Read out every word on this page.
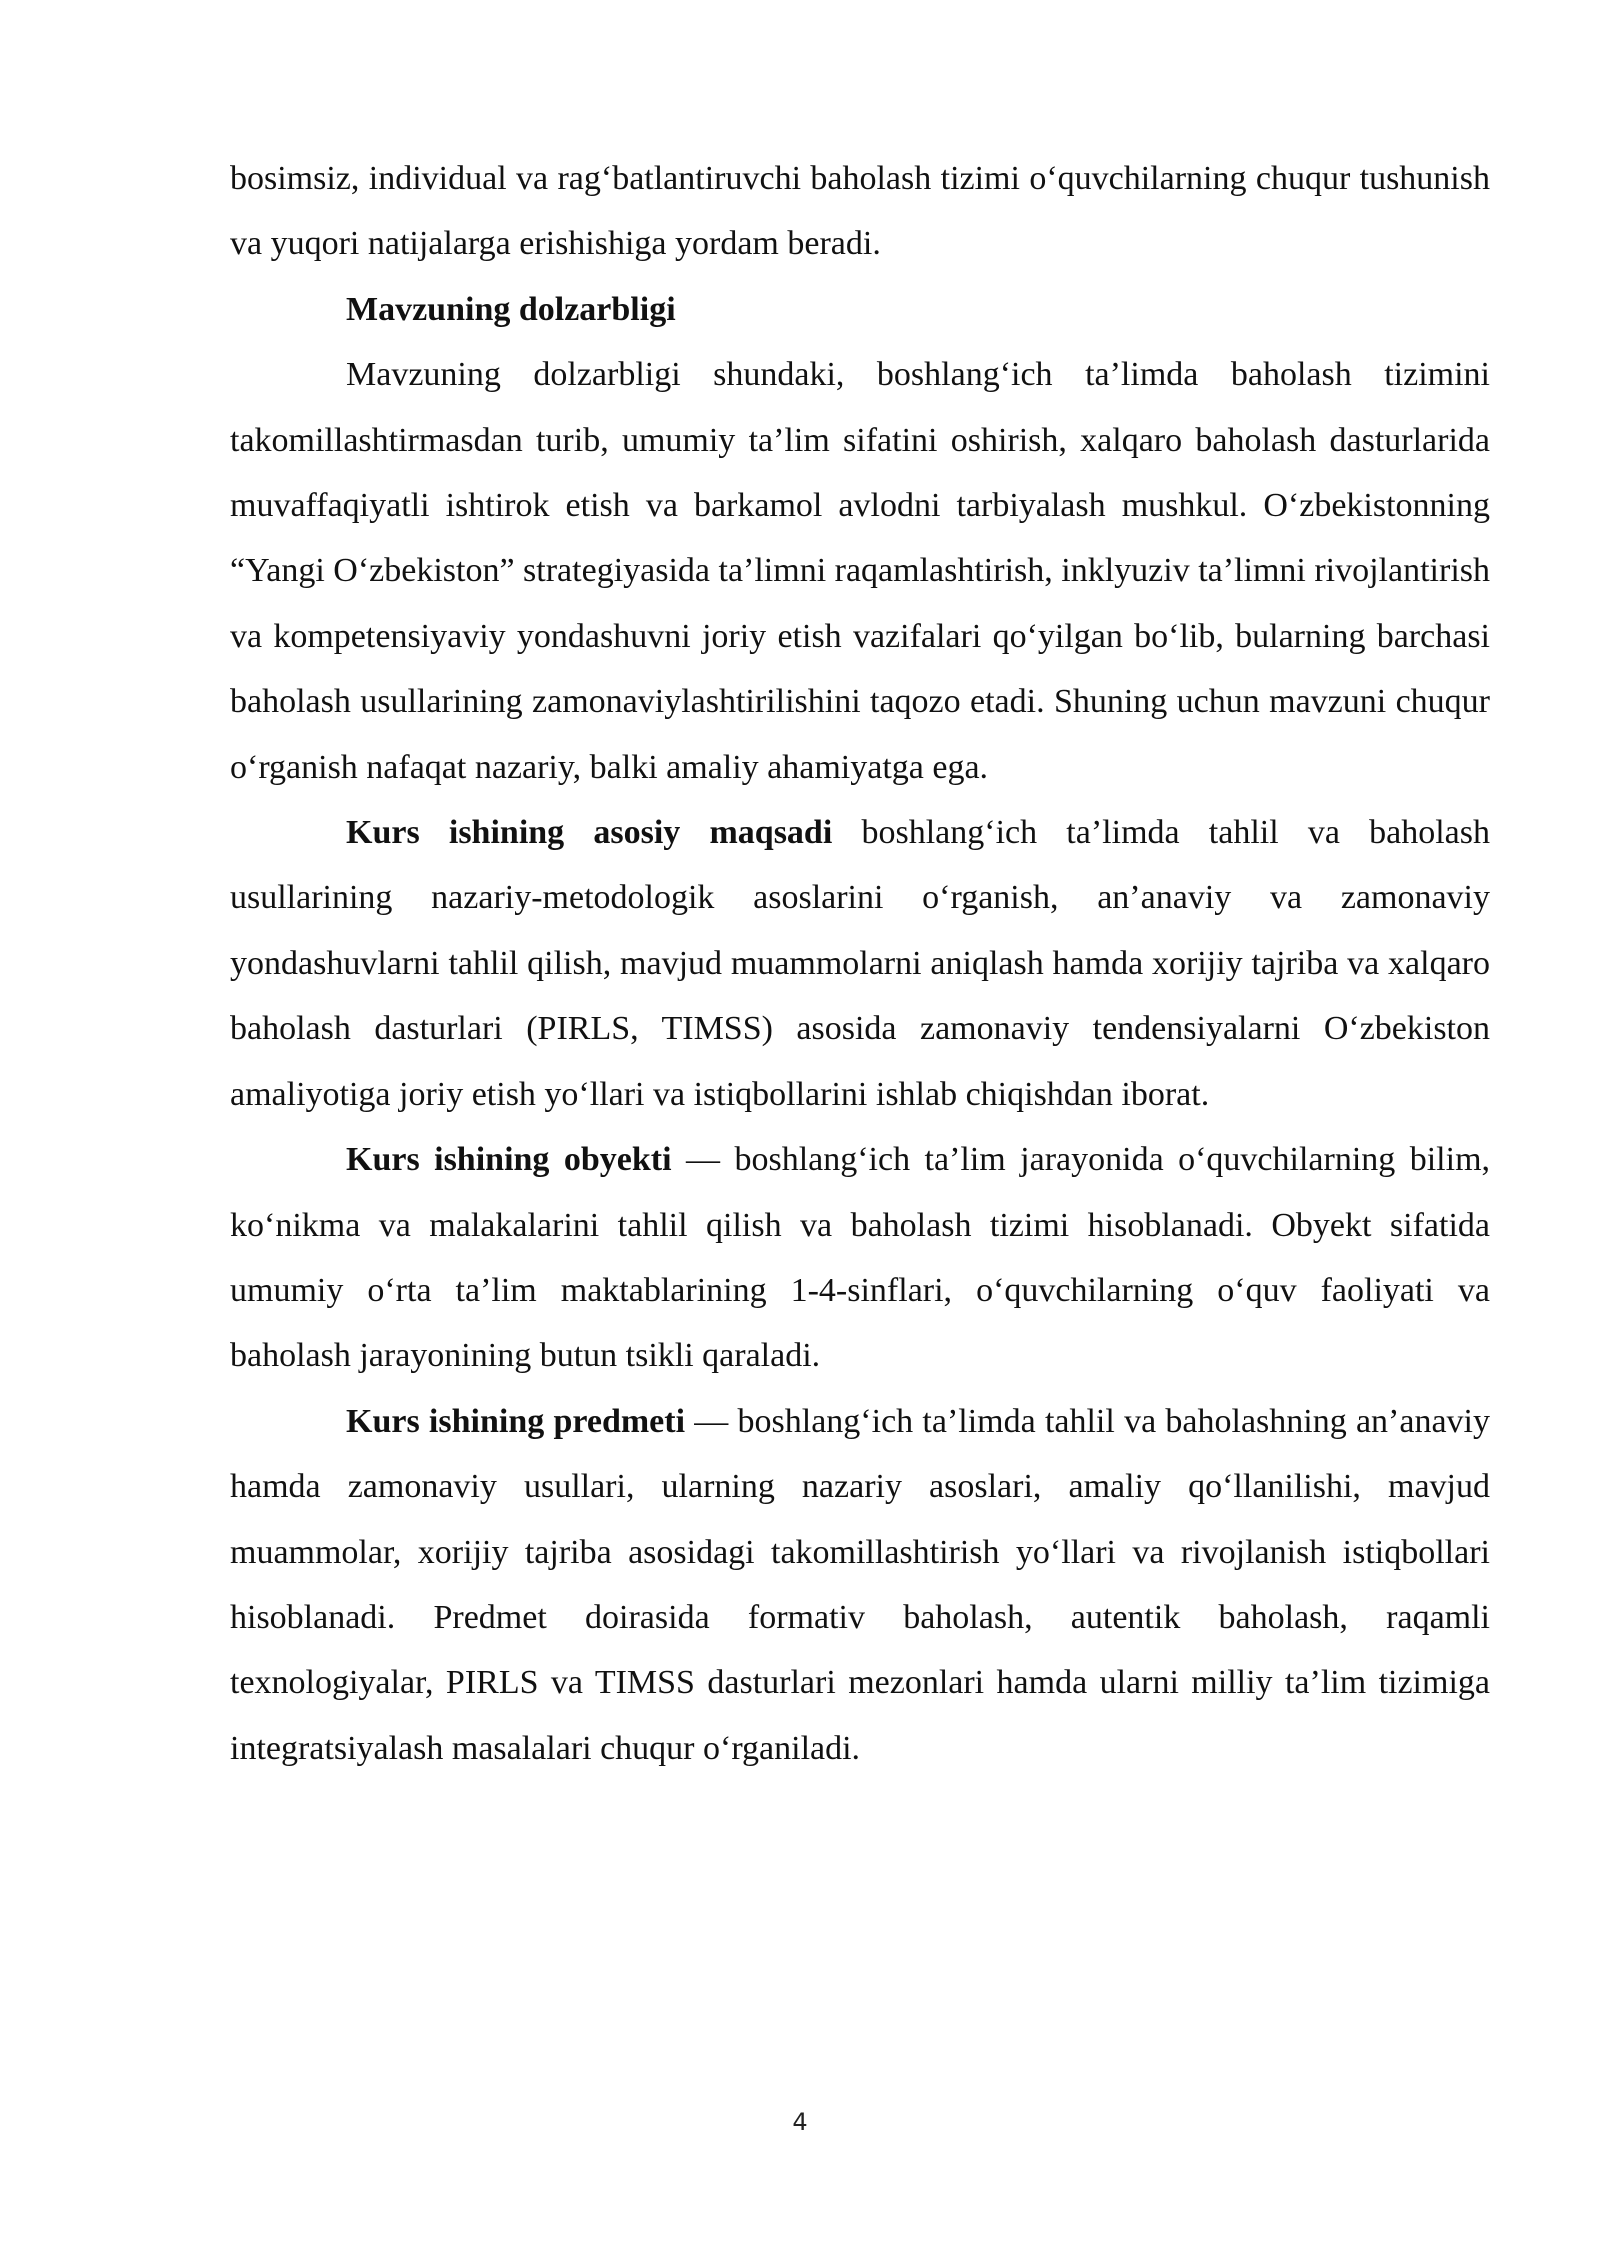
bosimsiz, individual va rag‘batlantiruvchi baholash tizimi o‘quvchilarning chuqur tushunish va yuqori natijalarga erishishiga yordam beradi.

Mavzuning dolzarbligi

Mavzuning dolzarbligi shundaki, boshlang‘ich ta’limda baholash tizimini takomillashtirmasdan turib, umumiy ta’lim sifatini oshirish, xalqaro baholash dasturlarida muvaffaqiyatli ishtirok etish va barkamol avlodni tarbiyalash mushkul. O‘zbekistonning “Yangi O‘zbekiston” strategiyasida ta’limni raqamlashtirish, inklyuziv ta’limni rivojlantirish va kompetensiyaviy yondashuvni joriy etish vazifalari qo‘yilgan bo‘lib, bularning barchasi baholash usullarining zamonaviylashtirilishini taqozo etadi. Shuning uchun mavzuni chuqur o‘rganish nafaqat nazariy, balki amaliy ahamiyatga ega.

Kurs ishining asosiy maqsadi boshlang‘ich ta’limda tahlil va baholash usullarining nazariy-metodologik asoslarini o‘rganish, an’anaviy va zamonaviy yondashuvlarni tahlil qilish, mavjud muammolarni aniqlash hamda xorijiy tajriba va xalqaro baholash dasturlari (PIRLS, TIMSS) asosida zamonaviy tendensiyalarni O‘zbekiston amaliyotiga joriy etish yo‘llari va istiqbollarini ishlab chiqishdan iborat.

Kurs ishining obyekti — boshlang‘ich ta’lim jarayonida o‘quvchilarning bilim, ko‘nikma va malakalarini tahlil qilish va baholash tizimi hisoblanadi. Obyekt sifatida umumiy o‘rta ta’lim maktablarining 1-4-sinflari, o‘quvchilarning o‘quv faoliyati va baholash jarayonining butun tsikli qaraladi.

Kurs ishining predmeti — boshlang‘ich ta’limda tahlil va baholashning an’anaviy hamda zamonaviy usullari, ularning nazariy asoslari, amaliy qo‘llanilishi, mavjud muammolar, xorijiy tajriba asosidagi takomillashtirish yo‘llari va rivojlanish istiqbollari hisoblanadi. Predmet doirasida formativ baholash, autentik baholash, raqamli texnologiyalar, PIRLS va TIMSS dasturlari mezonlari hamda ularni milliy ta’lim tizimiga integratsiyalash masalalari chuqur o‘rganiladi.

4
